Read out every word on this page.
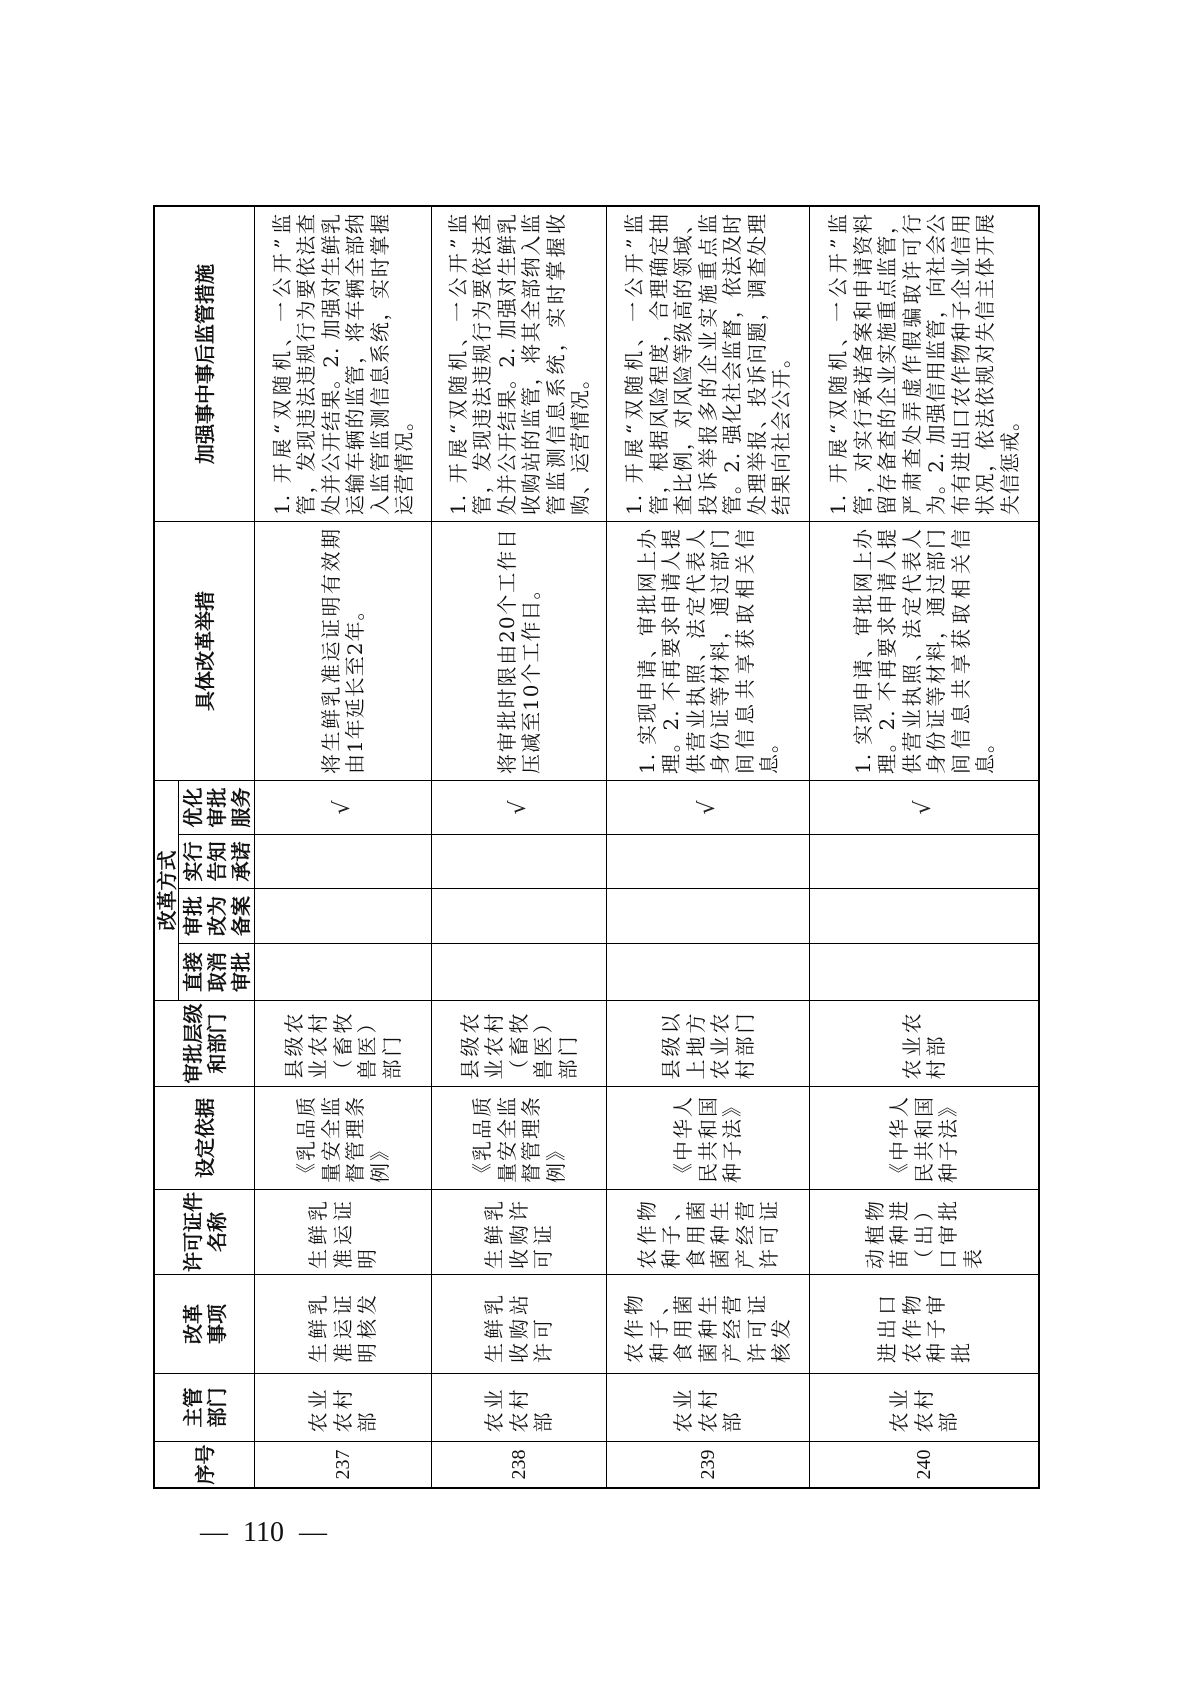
序号
主管部门
改革事项
许可证件名称
设定依据
审批层级和部门
改革方式
直接取消审批
审批改为备案
实行告知承诺
优化审批服务
具体改革举措
加强事中事后监管措施
237
农业农村部
生鲜乳准运证明核发
生鲜乳准运证明
《乳品质量安全监督管理条例》
县级农业农村（畜牧兽医）部门
√
将生鲜乳准运证明有效期由1年延长至2年。
1. 开展“双随机、一公开”监管，发现违法违规行为要依法查处并公开结果。2. 加强对生鲜乳运输车辆的监管，将车辆全部纳入监管监测信息系统，实时掌握运营情况。
238
农业农村部
生鲜乳收购站许可
生鲜乳收购许可证
《乳品质量安全监督管理条例》
县级农业农村（畜牧兽医）部门
√
将审批时限由20个工作日压减至10个工作日。
1. 开展“双随机、一公开”监管，发现违法违规行为要依法查处并公开结果。2. 加强对生鲜乳收购站的监管，将其全部纳入监管监测信息系统，实时掌握收购、运营情况。
239
农业农村部
农作物种子、食用菌菌种生产经营许可证核发
农作物种子、食用菌菌种生产经营许可证
《中华人民共和国种子法》
县级以上地方农业农村部门
√
1. 实现申请、审批网上办理。2. 不再要求申请人提供营业执照、法定代表人身份证等材料，通过部门间信息共享获取相关信息。
1. 开展“双随机、一公开”监管，根据风险程度，合理确定抽查比例，对风险等级高的领域、投诉举报多的企业实施重点监管。2. 强化社会监督，依法及时处理举报、投诉问题，调查处理结果向社会公开。
240
农业农村部
进出口农作物种子审批
动植物苗种进（出）口审批表
《中华人民共和国种子法》
农业农村部
√
1. 实现申请、审批网上办理。2. 不再要求申请人提供营业执照、法定代表人身份证等材料，通过部门间信息共享获取相关信息。
1. 开展“双随机、一公开”监管，对实行承诺备案和申请资料留存备查的企业实施重点监管，严肃查处弄虚作假骗取许可行为。2. 加强信用监管，向社会公布有进出口农作物种子企业信用状况，依法依规对失信主体开展失信惩戒。
— 110 —
